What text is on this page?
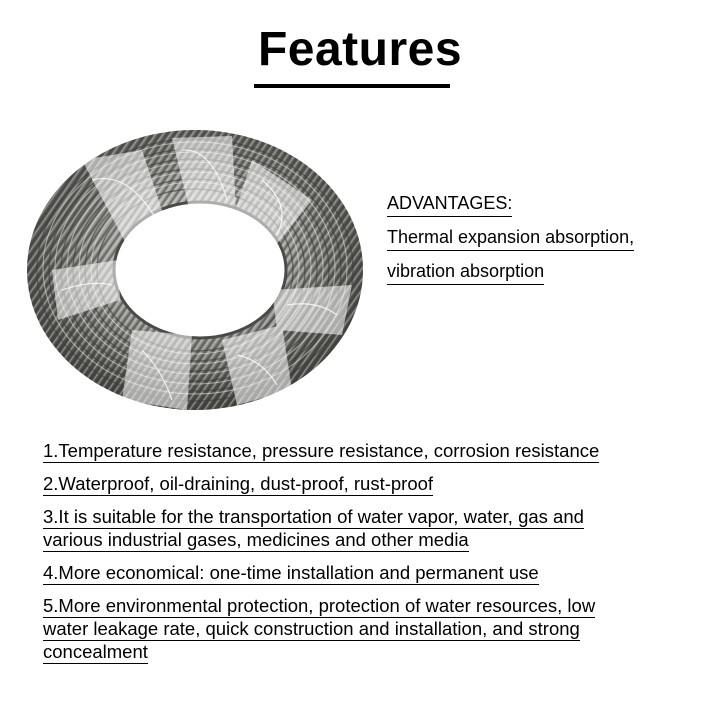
Features
ADVANTAGES:
Thermal expansion absorption,
vibration absorption
1.Temperature resistance, pressure resistance, corrosion resistance
2.Waterproof, oil-draining, dust-proof, rust-proof
3.It is suitable for the transportation of water vapor, water, gas and
various industrial gases, medicines and other media
4.More economical: one-time installation and permanent use
5.More environmental protection, protection of water resources, low
water leakage rate, quick construction and installation, and strong
concealment
